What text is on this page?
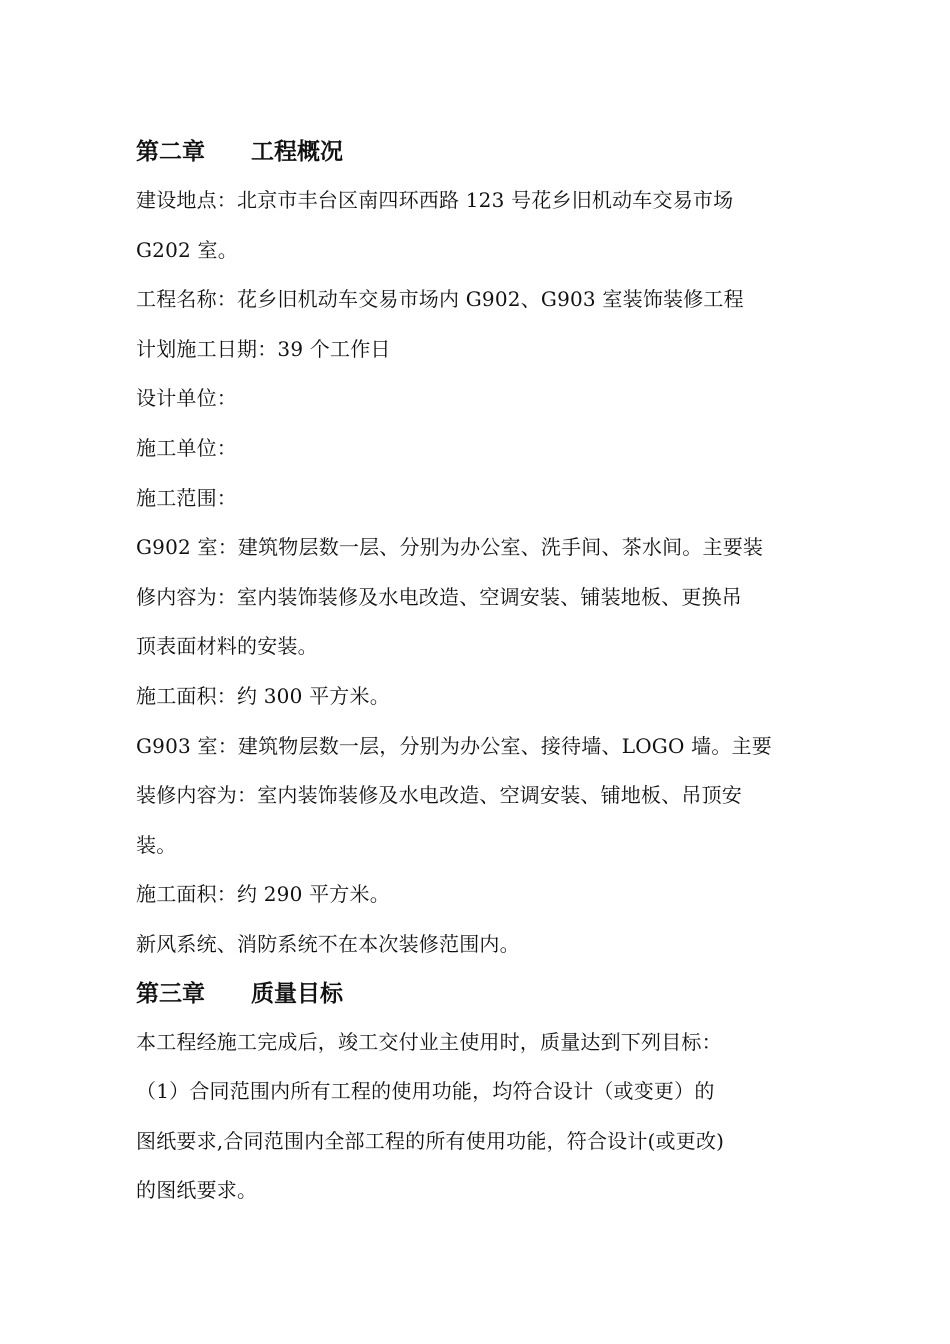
第二章 工程概况
建设地点：北京市丰台区南四环西路 123 号花乡旧机动车交易市场
G202 室。
工程名称：花乡旧机动车交易市场内 G902、G903 室装饰装修工程
计划施工日期：39 个工作日
设计单位：
施工单位：
施工范围：
G902 室：建筑物层数一层、分别为办公室、洗手间、茶水间。主要装
修内容为：室内装饰装修及水电改造、空调安装、铺装地板、更换吊
顶表面材料的安装。
施工面积：约 300 平方米。
G903 室：建筑物层数一层，分别为办公室、接待墙、LOGO 墙。主要
装修内容为：室内装饰装修及水电改造、空调安装、铺地板、吊顶安
装。
施工面积：约 290 平方米。
新风系统、消防系统不在本次装修范围内。
第三章 质量目标
本工程经施工完成后，竣工交付业主使用时，质量达到下列目标：
（1）合同范围内所有工程的使用功能，均符合设计（或变更）的
图纸要求,合同范围内全部工程的所有使用功能，符合设计(或更改)
的图纸要求。
